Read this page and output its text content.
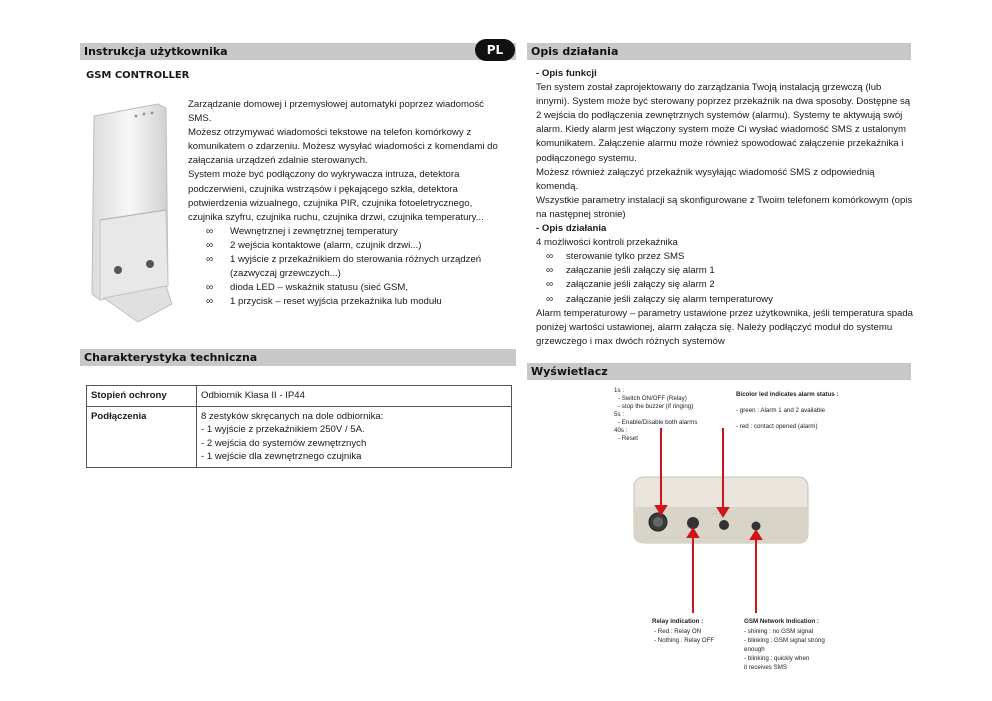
Instrukcja użytkownika	PL
GSM CONTROLLER

Zarządzanie domowej i przemysłowej automatyki poprzez wiadomość SMS.

Możesz otrzymywać wiadomości tekstowe na telefon komórkowy z komunikatem o zdarzeniu. Możesz wysyłać wiadomości z komendami do załączania urządzeń zdalnie sterowanych.

System może być podłączony do wykrywacza intruza, detektora podczerwieni, czujnika wstrząsów i pękającego szkła, detektora potwierdzenia wizualnego, czujnika PIR, czujnika fotoeletrycznego, czujnika szyfru, czujnika ruchu, czujnika drzwi, czujnika temperatury...

∞ Wewnętrznej i zewnętrznej temperatury
∞ 2 wejścia kontaktowe (alarm, czujnik drzwi...)
∞ 1 wyjście z przekaźnikiem do sterowania różnych urządzeń (zazwyczaj grzewczych...)
∞ dioda LED – wskaźnik statusu (sieć GSM,
∞ 1 przycisk – reset wyjścia przekaźnika lub modułu
Charakterystyka techniczna
Stopień ochrony	Odbiornik Klasa II - IP44
Podłączenia	8 zestyków skręcanych na dole odbiornika:
- 1 wyjście z przekaźnikiem 250V / 5A.
- 2 wejścia do systemów zewnętrznych
- 1 wejście dla zewnętrznego czujnika
Opis działania

- Opis funkcji

Ten system został zaprojektowany do zarządzania Twoją instalacją grzewczą (lub innymi). System może być sterowany poprzez przekaźnik na dwa sposoby. Dostępne są 2 wejścia do podłączenia zewnętrznych systemów (alarmu). Systemy te aktywują swój alarm. Kiedy alarm jest włączony system może Ci wysłać wiadomość SMS z ustalonym komunikatem. Załączenie alarmu może również spowodować załączenie przekaźnika i podłączonego systemu.

Możesz również załączyć przekaźnik wysyłając wiadomość SMS z odpowiednią komendą.

Wszystkie parametry instalacji są skonfigurowane z Twoim telefonem komórkowym (opis na następnej stronie)

- Opis działania

4 możliwości kontroli przekaźnika

∞ sterowanie tylko przez SMS
∞ załączanie jeśli załączy się alarm 1
∞ załączanie jeśli załączy się alarm 2
∞ załączanie jeśli załączy się alarm temperaturowy

Alarm temperaturowy – parametry ustawione przez użytkownika, jeśli temperatura spada poniżej wartości ustawionej, alarm załącza się. Należy podłączyć moduł do systemu grzewczego i max dwóch różnych systemów

Wyświetlacz
1s :
- Switch ON/OFF (Relay)
- stop the buzzer (if ringing)
5s :
- Enable/Disable both alarms
40s :
- Reset
Bicolor led indicates alarm status :
- green : Alarm 1 and 2 available
- red : contact opened (alarm)
· · ·
Relay indication :
- Red : Relay ON
- Nothing : Relay OFF
GSM Network Indication :
- shining : no GSM signal
- blinking : GSM signal strong
enough
- blinking : quickly when
it receives SMS
